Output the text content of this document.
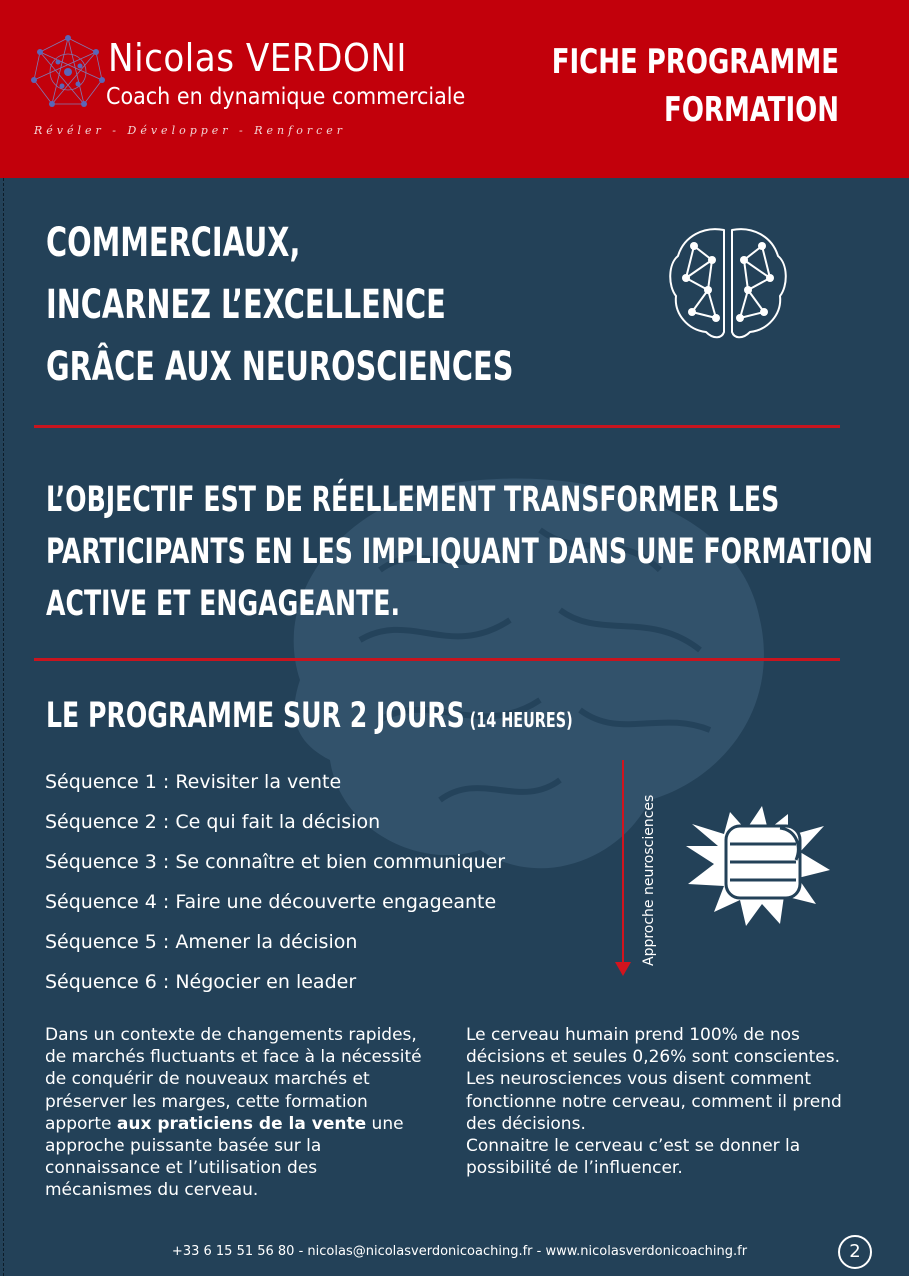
Nicolas VERDONI
Coach en dynamique commerciale
Révéler - Développer - Renforcer
FICHE PROGRAMME
FORMATION
COMMERCIAUX,
INCARNEZ L’EXCELLENCE
GRÂCE AUX NEUROSCIENCES
L’OBJECTIF EST DE RÉELLEMENT TRANSFORMER LES
PARTICIPANTS EN LES IMPLIQUANT DANS UNE FORMATION
ACTIVE ET ENGAGEANTE.
LE PROGRAMME SUR 2 JOURS (14 HEURES)
Séquence 1 : Revisiter la vente
Séquence 2 : Ce qui fait la décision
Séquence 3 : Se connaître et bien communiquer
Séquence 4 : Faire une découverte engageante
Séquence 5 : Amener la décision
Séquence 6 : Négocier en leader
Approche neurosciences
Dans un contexte de changements rapides, de marchés fluctuants et face à la nécessité de conquérir de nouveaux marchés et préserver les marges, cette formation apporte aux praticiens de la vente une approche puissante basée sur la connaissance et l’utilisation des mécanismes du cerveau.
Le cerveau humain prend 100% de nos décisions et seules 0,26% sont conscientes. Les neurosciences vous disent comment fonctionne notre cerveau, comment il prend des décisions.
Connaitre le cerveau c’est se donner la possibilité de l’influencer.
+33 6 15 51 56 80 - nicolas@nicolasverdonicoaching.fr - www.nicolasverdonicoaching.fr	2
